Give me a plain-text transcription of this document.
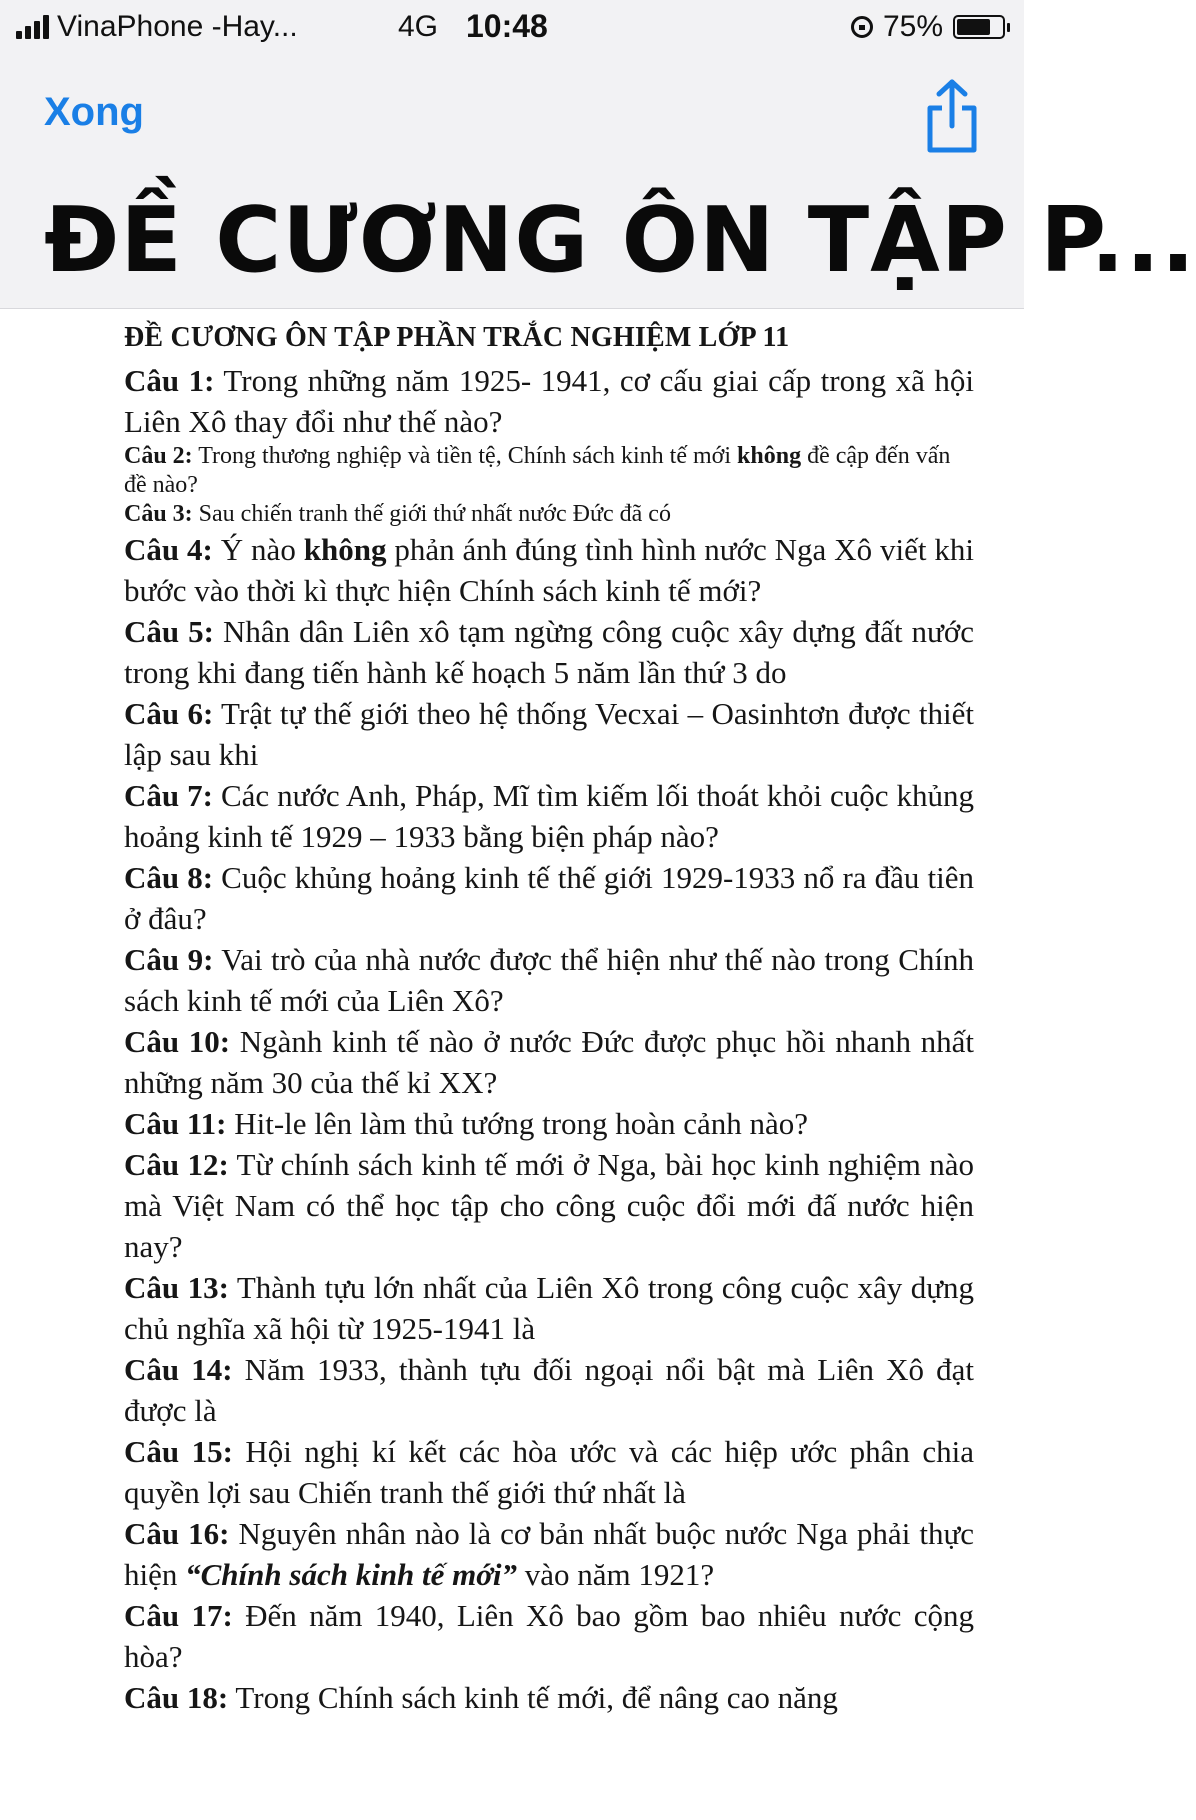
VinaPhone -Hay...	4G 10:48	75%
Xong
ĐỀ CƯƠNG ÔN TẬP P...
ĐỀ CƯƠNG ÔN TẬP PHẦN TRẮC NGHIỆM LỚP 11

Câu 1: Trong những năm 1925- 1941, cơ cấu giai cấp trong xã hội Liên Xô thay đổi như thế nào?

Câu 2: Trong thương nghiệp và tiền tệ, Chính sách kinh tế mới không đề cập đến vấn đề nào?

Câu 3: Sau chiến tranh thế giới thứ nhất nước Đức đã có

Câu 4: Ý nào không phản ánh đúng tình hình nước Nga Xô viết khi bước vào thời kì thực hiện Chính sách kinh tế mới?

Câu 5: Nhân dân Liên xô tạm ngừng công cuộc xây dựng đất nước trong khi đang tiến hành kế hoạch 5 năm lần thứ 3 do

Câu 6: Trật tự thế giới theo hệ thống Vecxai – Oasinhtơn được thiết lập sau khi

Câu 7: Các nước Anh, Pháp, Mĩ tìm kiếm lối thoát khỏi cuộc khủng hoảng kinh tế 1929 – 1933 bằng biện pháp nào?

Câu 8: Cuộc khủng hoảng kinh tế thế giới 1929-1933 nổ ra đầu tiên ở đâu?

Câu 9: Vai trò của nhà nước được thể hiện như thế nào trong Chính sách kinh tế mới của Liên Xô?

Câu 10: Ngành kinh tế nào ở nước Đức được phục hồi nhanh nhất những năm 30 của thế kỉ XX?

Câu 11: Hit-le lên làm thủ tướng trong hoàn cảnh nào?

Câu 12: Từ chính sách kinh tế mới ở Nga, bài học kinh nghiệm nào mà Việt Nam có thể học tập cho công cuộc đổi mới đấ nước hiện nay?

Câu 13: Thành tựu lớn nhất của Liên Xô trong công cuộc xây dựng chủ nghĩa xã hội từ 1925-1941 là

Câu 14: Năm 1933, thành tựu đối ngoại nổi bật mà Liên Xô đạt được là

Câu 15: Hội nghị kí kết các hòa ước và các hiệp ước phân chia quyền lợi sau Chiến tranh thế giới thứ nhất là

Câu 16: Nguyên nhân nào là cơ bản nhất buộc nước Nga phải thực hiện “Chính sách kinh tế mới” vào năm 1921?

Câu 17: Đến năm 1940, Liên Xô bao gồm bao nhiêu nước cộng hòa?

Câu 18: Trong Chính sách kinh tế mới, để nâng cao năng
